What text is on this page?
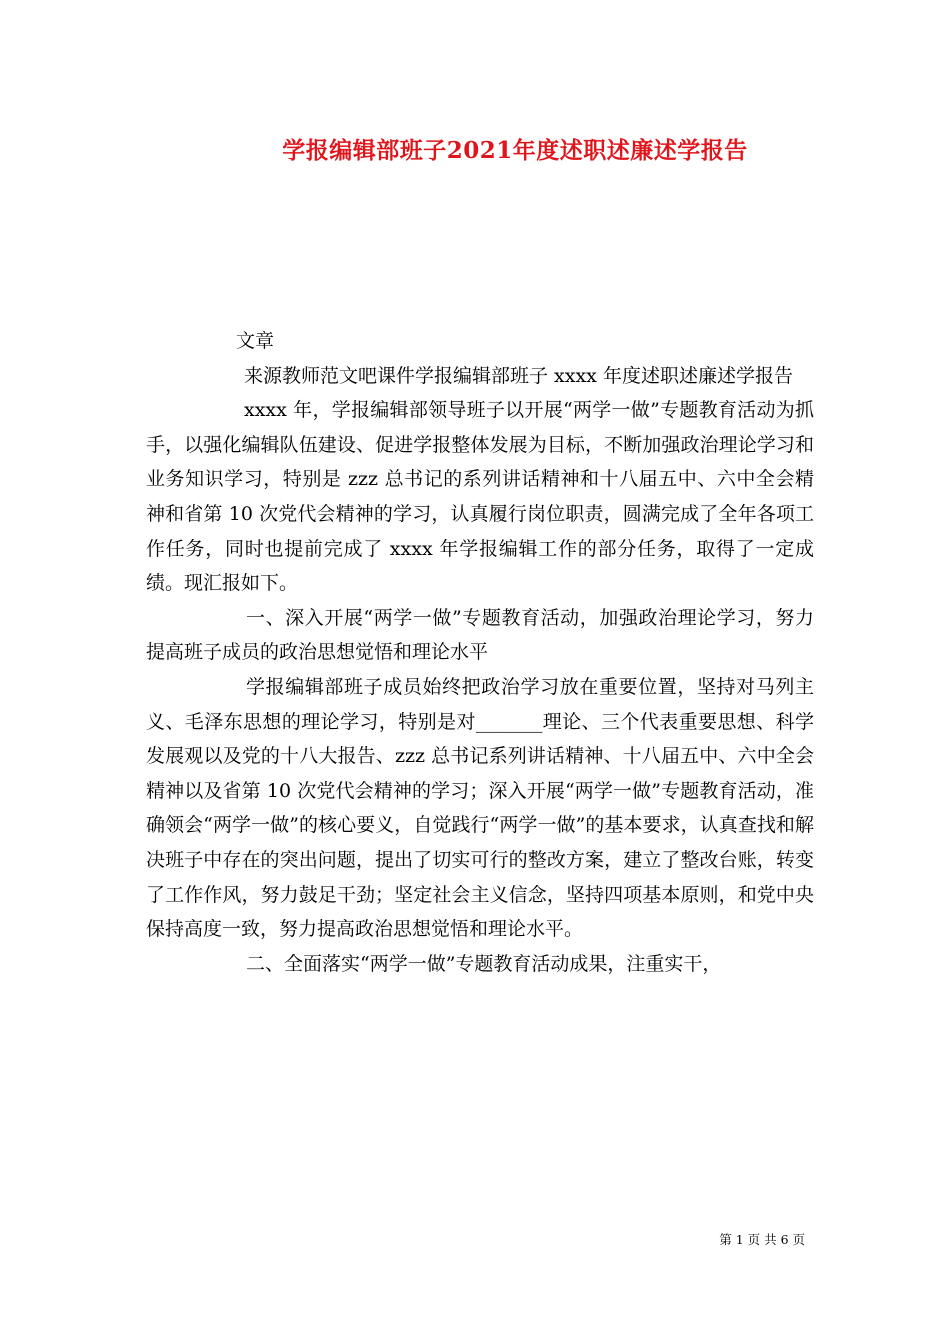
学报编辑部班子2021年度述职述廉述学报告

文章

来源教师范文吧课件学报编辑部班子 xxxx 年度述职述廉述学报告

xxxx 年，学报编辑部领导班子以开展“两学一做”专题教育活动为抓手，以强化编辑队伍建设、促进学报整体发展为目标，不断加强政治理论学习和业务知识学习，特别是 zzz 总书记的系列讲话精神和十八届五中、六中全会精神和省第 10 次党代会精神的学习，认真履行岗位职责，圆满完成了全年各项工作任务，同时也提前完成了 xxxx 年学报编辑工作的部分任务，取得了一定成绩。现汇报如下。

一、深入开展“两学一做”专题教育活动，加强政治理论学习，努力提高班子成员的政治思想觉悟和理论水平

学报编辑部班子成员始终把政治学习放在重要位置，坚持对马列主义、毛泽东思想的理论学习，特别是对_______理论、三个代表重要思想、科学发展观以及党的十八大报告、zzz 总书记系列讲话精神、十八届五中、六中全会精神以及省第 10 次党代会精神的学习；深入开展“两学一做”专题教育活动，准确领会“两学一做”的核心要义，自觉践行“两学一做”的基本要求，认真查找和解决班子中存在的突出问题，提出了切实可行的整改方案，建立了整改台账，转变了工作作风，努力鼓足干劲；坚定社会主义信念，坚持四项基本原则，和党中央保持高度一致，努力提高政治思想觉悟和理论水平。

二、全面落实“两学一做”专题教育活动成果，注重实干，

第 1 页 共 6 页
